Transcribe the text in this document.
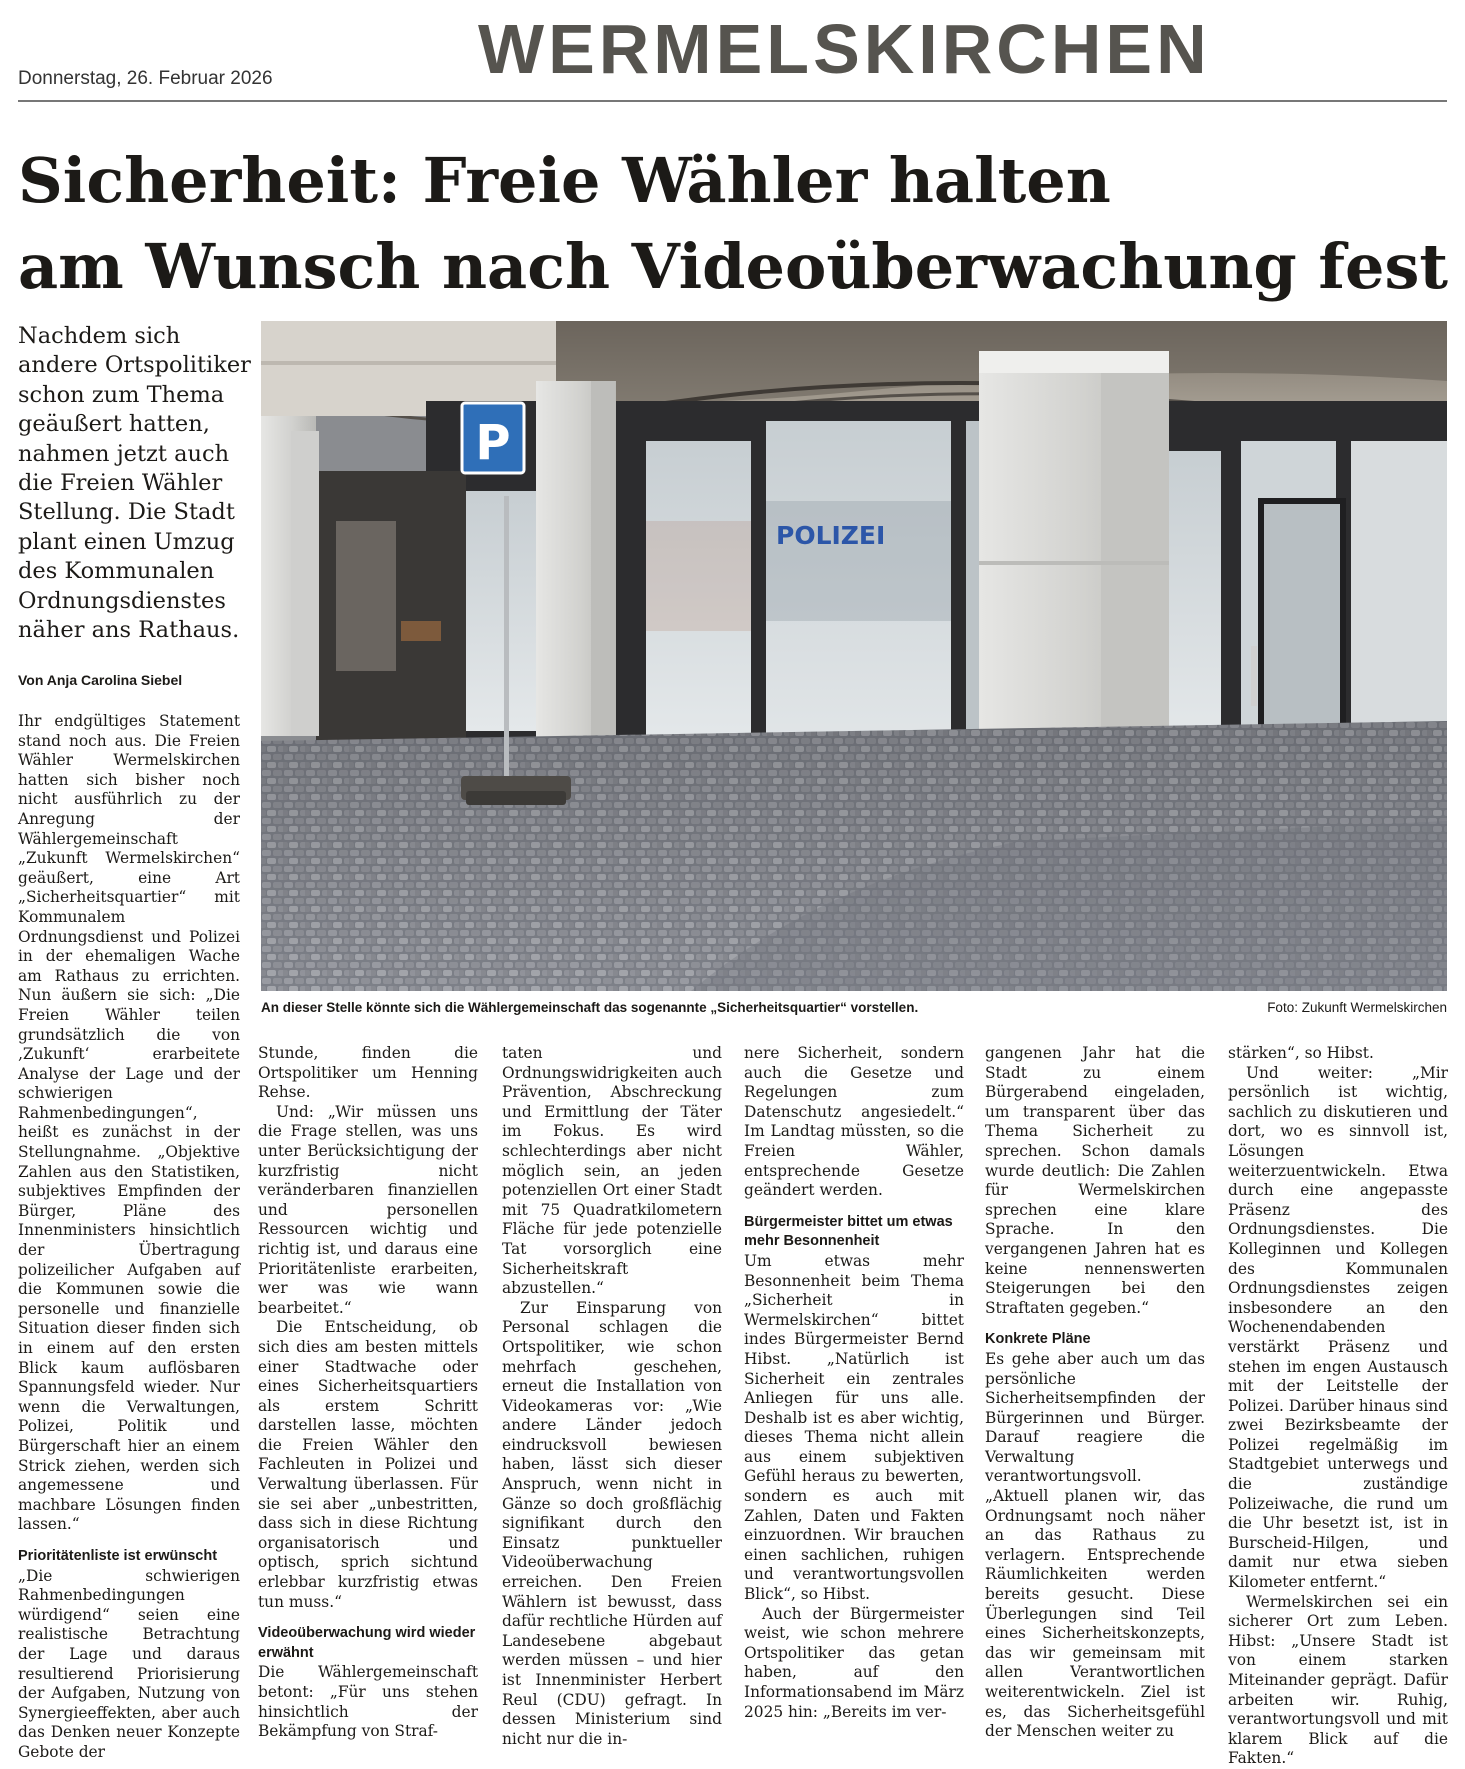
Donnerstag, 26. Februar 2026	WERMELSKIRCHEN
Sicherheit: Freie Wähler halten
am Wunsch nach Videoüberwachung fest
Nachdem sich
andere Ortspolitiker
schon zum Thema
geäußert hatten,
nahmen jetzt auch
die Freien Wähler
Stellung. Die Stadt
plant einen Umzug
des Kommunalen
Ordnungsdienstes
näher ans Rathaus.
Von Anja Carolina Siebel
POLIZEI
P
An dieser Stelle könnte sich die Wählergemeinschaft das sogenannte „Sicherheitsquartier“ vorstellen.	Foto: Zukunft Wermelskirchen

Ihr endgültiges Statement stand noch aus. Die Freien Wähler Wermelskirchen hatten sich bisher noch nicht ausführlich zu der Anregung der Wählergemeinschaft „Zukunft Wermelskirchen“ geäußert, eine Art „Sicherheitsquartier“ mit Kommunalem Ordnungsdienst und Polizei in der ehemaligen Wache am Rathaus zu errichten. Nun äußern sie sich: „Die Freien Wähler teilen grundsätzlich die von ‚Zukunft‘ erarbeitete Analyse der Lage und der schwierigen Rahmenbedingungen“, heißt es zunächst in der Stellungnahme. „Objektive Zahlen aus den Statistiken, subjektives Empfinden der Bürger, Pläne des Innenministers hinsichtlich der Übertragung polizeilicher Aufgaben auf die Kommunen sowie die personelle und finanzielle Situation dieser finden sich in einem auf den ersten Blick kaum auflösbaren Spannungsfeld wieder. Nur wenn die Verwaltungen, Polizei, Politik und Bürgerschaft hier an einem Strick ziehen, werden sich angemessene und machbare Lösungen finden lassen.“

Prioritätenliste ist erwünscht

„Die schwierigen Rahmenbedingungen würdigend“ seien eine realistische Betrachtung der Lage und daraus resultierend Priorisierung der Aufgaben, Nutzung von Synergieeffekten, aber auch das Denken neuer Konzepte Gebote der

Stunde, finden die Ortspolitiker um Henning Rehse.

Und: „Wir müssen uns die Frage stellen, was uns unter Berücksichtigung der kurzfristig nicht veränderbaren finanziellen und personellen Ressourcen wichtig und richtig ist, und daraus eine Prioritätenliste erarbeiten, wer was wie wann bearbeitet.“

Die Entscheidung, ob sich dies am besten mittels einer Stadtwache oder eines Sicherheitsquartiers als erstem Schritt darstellen lasse, möchten die Freien Wähler den Fachleuten in Polizei und Verwaltung überlassen. Für sie sei aber „unbestritten, dass sich in diese Richtung organisatorisch und optisch, sprich sichtund erlebbar kurzfristig etwas tun muss.“

Videoüberwachung wird wieder erwähnt

Die Wählergemeinschaft betont: „Für uns stehen hinsichtlich der Bekämpfung von Straf-

taten und Ordnungswidrigkeiten auch Prävention, Abschreckung und Ermittlung der Täter im Fokus. Es wird schlechterdings aber nicht möglich sein, an jeden potenziellen Ort einer Stadt mit 75 Quadratkilometern Fläche für jede potenzielle Tat vorsorglich eine Sicherheitskraft abzustellen.“

Zur Einsparung von Personal schlagen die Ortspolitiker, wie schon mehrfach geschehen, erneut die Installation von Videokameras vor: „Wie andere Länder jedoch eindrucksvoll bewiesen haben, lässt sich dieser Anspruch, wenn nicht in Gänze so doch großflächig signifikant durch den Einsatz punktueller Videoüberwachung erreichen. Den Freien Wählern ist bewusst, dass dafür rechtliche Hürden auf Landesebene abgebaut werden müssen – und hier ist Innenminister Herbert Reul (CDU) gefragt. In dessen Ministerium sind nicht nur die in-

nere Sicherheit, sondern auch die Gesetze und Regelungen zum Datenschutz angesiedelt.“ Im Landtag müssten, so die Freien Wähler, entsprechende Gesetze geändert werden.

Bürgermeister bittet um etwas mehr Besonnenheit

Um etwas mehr Besonnenheit beim Thema „Sicherheit in Wermelskirchen“ bittet indes Bürgermeister Bernd Hibst. „Natürlich ist Sicherheit ein zentrales Anliegen für uns alle. Deshalb ist es aber wichtig, dieses Thema nicht allein aus einem subjektiven Gefühl heraus zu bewerten, sondern es auch mit Zahlen, Daten und Fakten einzuordnen. Wir brauchen einen sachlichen, ruhigen und verantwortungsvollen Blick“, so Hibst.

Auch der Bürgermeister weist, wie schon mehrere Ortspolitiker das getan haben, auf den Informationsabend im März 2025 hin: „Bereits im ver-

gangenen Jahr hat die Stadt zu einem Bürgerabend eingeladen, um transparent über das Thema Sicherheit zu sprechen. Schon damals wurde deutlich: Die Zahlen für Wermelskirchen sprechen eine klare Sprache. In den vergangenen Jahren hat es keine nennenswerten Steigerungen bei den Straftaten gegeben.“

Konkrete Pläne

Es gehe aber auch um das persönliche Sicherheitsempfinden der Bürgerinnen und Bürger. Darauf reagiere die Verwaltung verantwortungsvoll. „Aktuell planen wir, das Ordnungsamt noch näher an das Rathaus zu verlagern. Entsprechende Räumlichkeiten werden bereits gesucht. Diese Überlegungen sind Teil eines Sicherheitskonzepts, das wir gemeinsam mit allen Verantwortlichen weiterentwickeln. Ziel ist es, das Sicherheitsgefühl der Menschen weiter zu

stärken“, so Hibst.

Und weiter: „Mir persönlich ist wichtig, sachlich zu diskutieren und dort, wo es sinnvoll ist, Lösungen weiterzuentwickeln. Etwa durch eine angepasste Präsenz des Ordnungsdienstes. Die Kolleginnen und Kollegen des Kommunalen Ordnungsdienstes zeigen insbesondere an den Wochenendabenden verstärkt Präsenz und stehen im engen Austausch mit der Leitstelle der Polizei. Darüber hinaus sind zwei Bezirksbeamte der Polizei regelmäßig im Stadtgebiet unterwegs und die zuständige Polizeiwache, die rund um die Uhr besetzt ist, ist in Burscheid-Hilgen, und damit nur etwa sieben Kilometer entfernt.“

Wermelskirchen sei ein sicherer Ort zum Leben. Hibst: „Unsere Stadt ist von einem starken Miteinander geprägt. Dafür arbeiten wir. Ruhig, verantwortungsvoll und mit klarem Blick auf die Fakten.“
